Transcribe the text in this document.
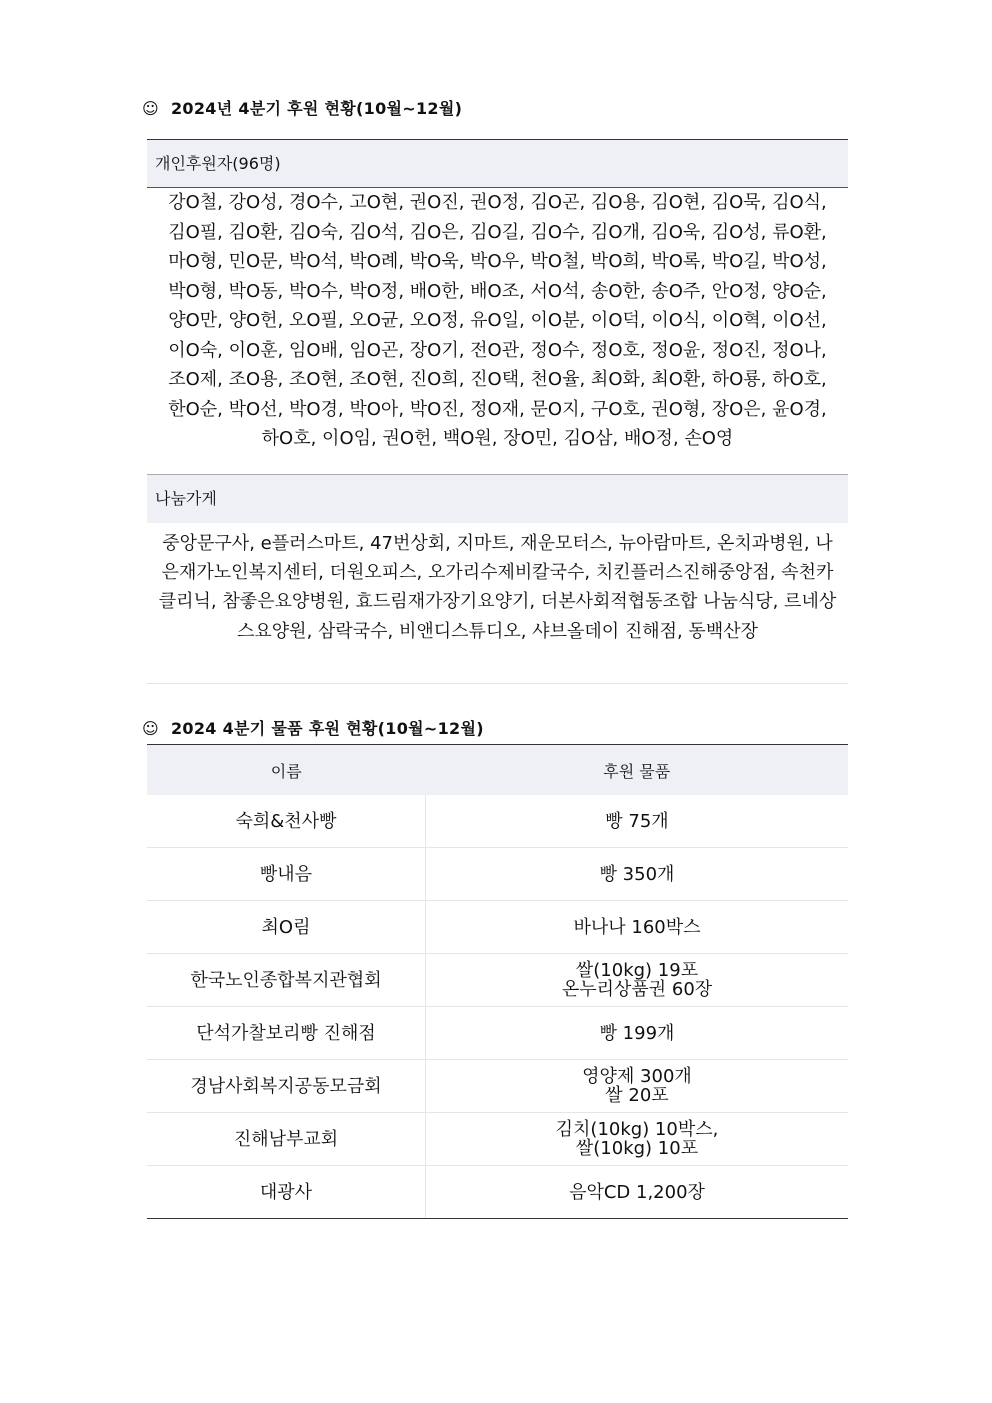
☺ 2024년 4분기 후원 현황(10월~12월)
개인후원자(96명)
강O철, 강O성, 경O수, 고O현, 권O진, 권O정, 김O곤, 김O용, 김O현, 김O묵, 김O식, 김O필, 김O환, 김O숙, 김O석, 김O은, 김O길, 김O수, 김O개, 김O욱, 김O성, 류O환, 마O형, 민O문, 박O석, 박O례, 박O욱, 박O우, 박O철, 박O희, 박O록, 박O길, 박O성, 박O형, 박O동, 박O수, 박O정, 배O한, 배O조, 서O석, 송O한, 송O주, 안O정, 양O순, 양O만, 양O헌, 오O필, 오O균, 오O정, 유O일, 이O분, 이O덕, 이O식, 이O혁, 이O선, 이O숙, 이O훈, 임O배, 임O곤, 장O기, 전O관, 정O수, 정O호, 정O윤, 정O진, 정O나, 조O제, 조O용, 조O현, 조O현, 진O희, 진O택, 천O율, 최O화, 최O환, 하O룡, 하O호, 한O순, 박O선, 박O경, 박O아, 박O진, 정O재, 문O지, 구O호, 권O형, 장O은, 윤O경, 하O호, 이O임, 권O헌, 백O원, 장O민, 김O삼, 배O정, 손O영
나눔가게
중앙문구사, e플러스마트, 47번상회, 지마트, 재운모터스, 뉴아람마트, 온치과병원, 나은재가노인복지센터, 더원오피스, 오가리수제비칼국수, 치킨플러스진해중앙점, 속천카클리닉, 참좋은요양병원, 효드림재가장기요양기, 더본사회적협동조합 나눔식당, 르네상스요양원, 삼락국수, 비앤디스튜디오, 샤브올데이 진해점, 동백산장
☺ 2024 4분기 물품 후원 현황(10월~12월)
이름	후원 물품
숙희&천사빵	빵 75개

빵내음	빵 350개

최O림	바나나 160박스

한국노인종합복지관협회	쌀(10kg) 19포
온누리상품권 60장

단석가찰보리빵 진해점	빵 199개

경남사회복지공동모금회	영양제 300개
쌀 20포

진해남부교회	김치(10kg) 10박스,
쌀(10kg) 10포

대광사	음악CD 1,200장
